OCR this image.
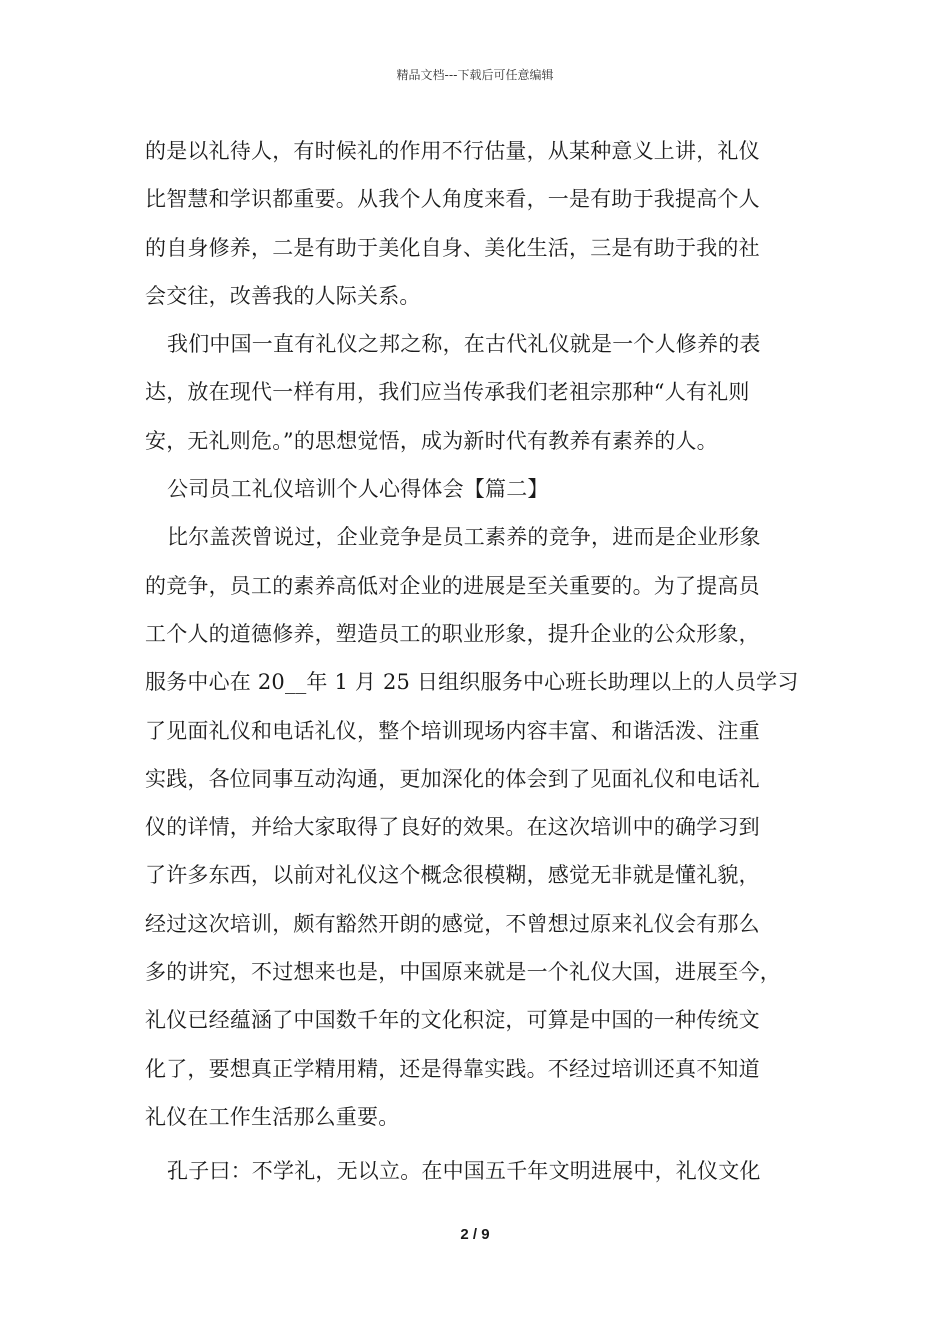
精品文档---下载后可任意编辑
的是以礼待人，有时候礼的作用不行估量，从某种意义上讲，礼仪
比智慧和学识都重要。从我个人角度来看，一是有助于我提高个人
的自身修养，二是有助于美化自身、美化生活，三是有助于我的社
会交往，改善我的人际关系。
我们中国一直有礼仪之邦之称，在古代礼仪就是一个人修养的表
达，放在现代一样有用，我们应当传承我们老祖宗那种“人有礼则
安，无礼则危。”的思想觉悟，成为新时代有教养有素养的人。
公司员工礼仪培训个人心得体会【篇二】
比尔盖茨曾说过，企业竞争是员工素养的竞争，进而是企业形象
的竞争，员工的素养高低对企业的进展是至关重要的。为了提高员
工个人的道德修养，塑造员工的职业形象，提升企业的公众形象，
服务中心在 20__年 1 月 25 日组织服务中心班长助理以上的人员学习
了见面礼仪和电话礼仪，整个培训现场内容丰富、和谐活泼、注重
实践，各位同事互动沟通，更加深化的体会到了见面礼仪和电话礼
仪的详情，并给大家取得了良好的效果。在这次培训中的确学习到
了许多东西，以前对礼仪这个概念很模糊，感觉无非就是懂礼貌，
经过这次培训，颇有豁然开朗的感觉，不曾想过原来礼仪会有那么
多的讲究，不过想来也是，中国原来就是一个礼仪大国，进展至今，
礼仪已经蕴涵了中国数千年的文化积淀，可算是中国的一种传统文
化了，要想真正学精用精，还是得靠实践。不经过培训还真不知道
礼仪在工作生活那么重要。
孔子曰：不学礼，无以立。在中国五千年文明进展中，礼仪文化
2 / 9
